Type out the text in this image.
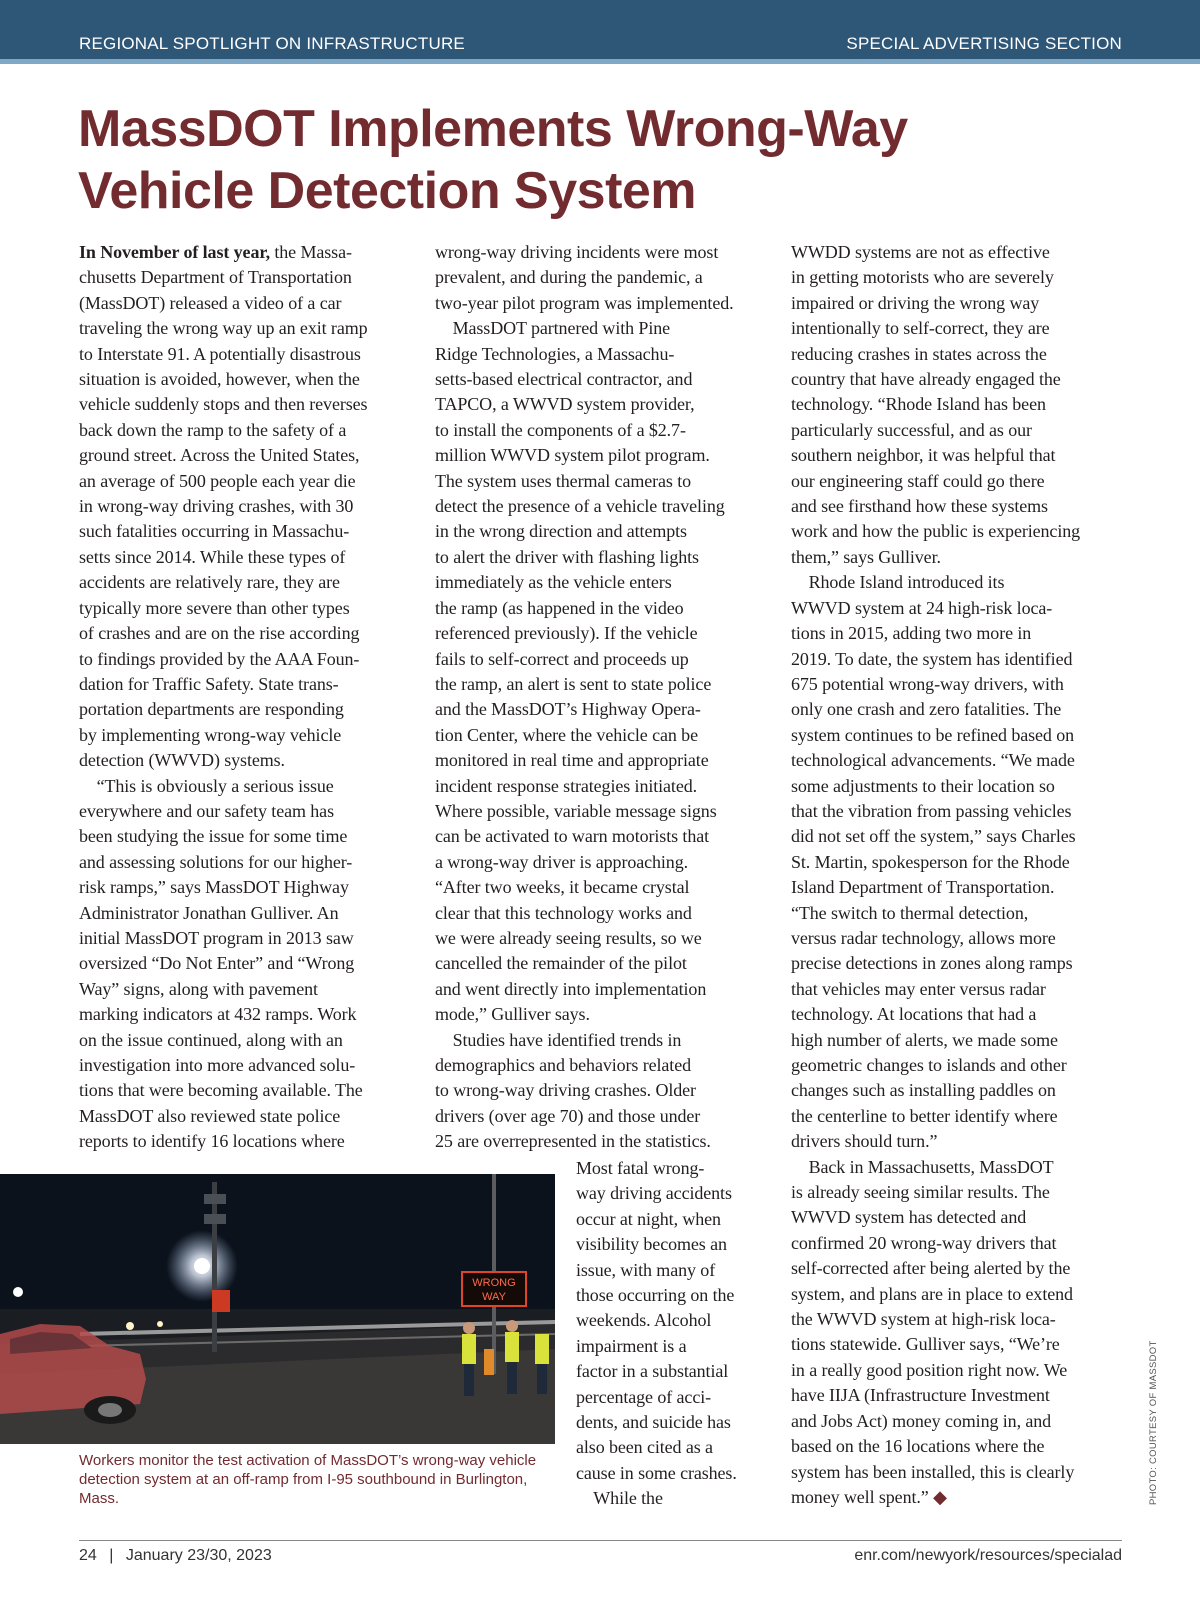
REGIONAL SPOTLIGHT ON INFRASTRUCTURE	SPECIAL ADVERTISING SECTION
MassDOT Implements Wrong-Way
Vehicle Detection System
In November of last year, the Massa-
chusetts Department of Transportation
(MassDOT) released a video of a car
traveling the wrong way up an exit ramp
to Interstate 91. A potentially disastrous
situation is avoided, however, when the
vehicle suddenly stops and then reverses
back down the ramp to the safety of a
ground street. Across the United States,
an average of 500 people each year die
in wrong-way driving crashes, with 30
such fatalities occurring in Massachu-
setts since 2014. While these types of
accidents are relatively rare, they are
typically more severe than other types
of crashes and are on the rise according
to findings provided by the AAA Foun-
dation for Traffic Safety. State trans-
portation departments are responding
by implementing wrong-way vehicle
detection (WWVD) systems.
“This is obviously a serious issue
everywhere and our safety team has
been studying the issue for some time
and assessing solutions for our higher-
risk ramps,” says MassDOT Highway
Administrator Jonathan Gulliver. An
initial MassDOT program in 2013 saw
oversized “Do Not Enter” and “Wrong
Way” signs, along with pavement
marking indicators at 432 ramps. Work
on the issue continued, along with an
investigation into more advanced solu-
tions that were becoming available. The
MassDOT also reviewed state police
reports to identify 16 locations where
wrong-way driving incidents were most
prevalent, and during the pandemic, a
two-year pilot program was implemented.
MassDOT partnered with Pine
Ridge Technologies, a Massachu-
setts-based electrical contractor, and
TAPCO, a WWVD system provider,
to install the components of a $2.7-
million WWVD system pilot program.
The system uses thermal cameras to
detect the presence of a vehicle traveling
in the wrong direction and attempts
to alert the driver with flashing lights
immediately as the vehicle enters
the ramp (as happened in the video
referenced previously). If the vehicle
fails to self-correct and proceeds up
the ramp, an alert is sent to state police
and the MassDOT’s Highway Opera-
tion Center, where the vehicle can be
monitored in real time and appropriate
incident response strategies initiated.
Where possible, variable message signs
can be activated to warn motorists that
a wrong-way driver is approaching.
“After two weeks, it became crystal
clear that this technology works and
we were already seeing results, so we
cancelled the remainder of the pilot
and went directly into implementation
mode,” Gulliver says.
Studies have identified trends in
demographics and behaviors related
to wrong-way driving crashes. Older
drivers (over age 70) and those under
25 are overrepresented in the statistics.
Most fatal wrong-
way driving accidents
occur at night, when
visibility becomes an
issue, with many of
those occurring on the
weekends. Alcohol
impairment is a
factor in a substantial
percentage of acci-
dents, and suicide has
also been cited as a
cause in some crashes.
While the
WWDD systems are not as effective
in getting motorists who are severely
impaired or driving the wrong way
intentionally to self-correct, they are
reducing crashes in states across the
country that have already engaged the
technology. “Rhode Island has been
particularly successful, and as our
southern neighbor, it was helpful that
our engineering staff could go there
and see firsthand how these systems
work and how the public is experiencing
them,” says Gulliver.
Rhode Island introduced its
WWVD system at 24 high-risk loca-
tions in 2015, adding two more in
2019. To date, the system has identified
675 potential wrong-way drivers, with
only one crash and zero fatalities. The
system continues to be refined based on
technological advancements. “We made
some adjustments to their location so
that the vibration from passing vehicles
did not set off the system,” says Charles
St. Martin, spokesperson for the Rhode
Island Department of Transportation.
“The switch to thermal detection,
versus radar technology, allows more
precise detections in zones along ramps
that vehicles may enter versus radar
technology. At locations that had a
high number of alerts, we made some
geometric changes to islands and other
changes such as installing paddles on
the centerline to better identify where
drivers should turn.”
Back in Massachusetts, MassDOT
is already seeing similar results. The
WWVD system has detected and
confirmed 20 wrong-way drivers that
self-corrected after being alerted by the
system, and plans are in place to extend
the WWVD system at high-risk loca-
tions statewide. Gulliver says, “We’re
in a really good position right now. We
have IIJA (Infrastructure Investment
and Jobs Act) money coming in, and
based on the 16 locations where the
system has been installed, this is clearly
money well spent.” ◆
WRONG
WAY
Workers monitor the test activation of MassDOT’s wrong-way vehicle detection system at an off-ramp from I-95 southbound in Burlington, Mass.	PHOTO: COURTESY OF MASSDOT
24 | January 23/30, 2023	enr.com/newyork/resources/specialad
